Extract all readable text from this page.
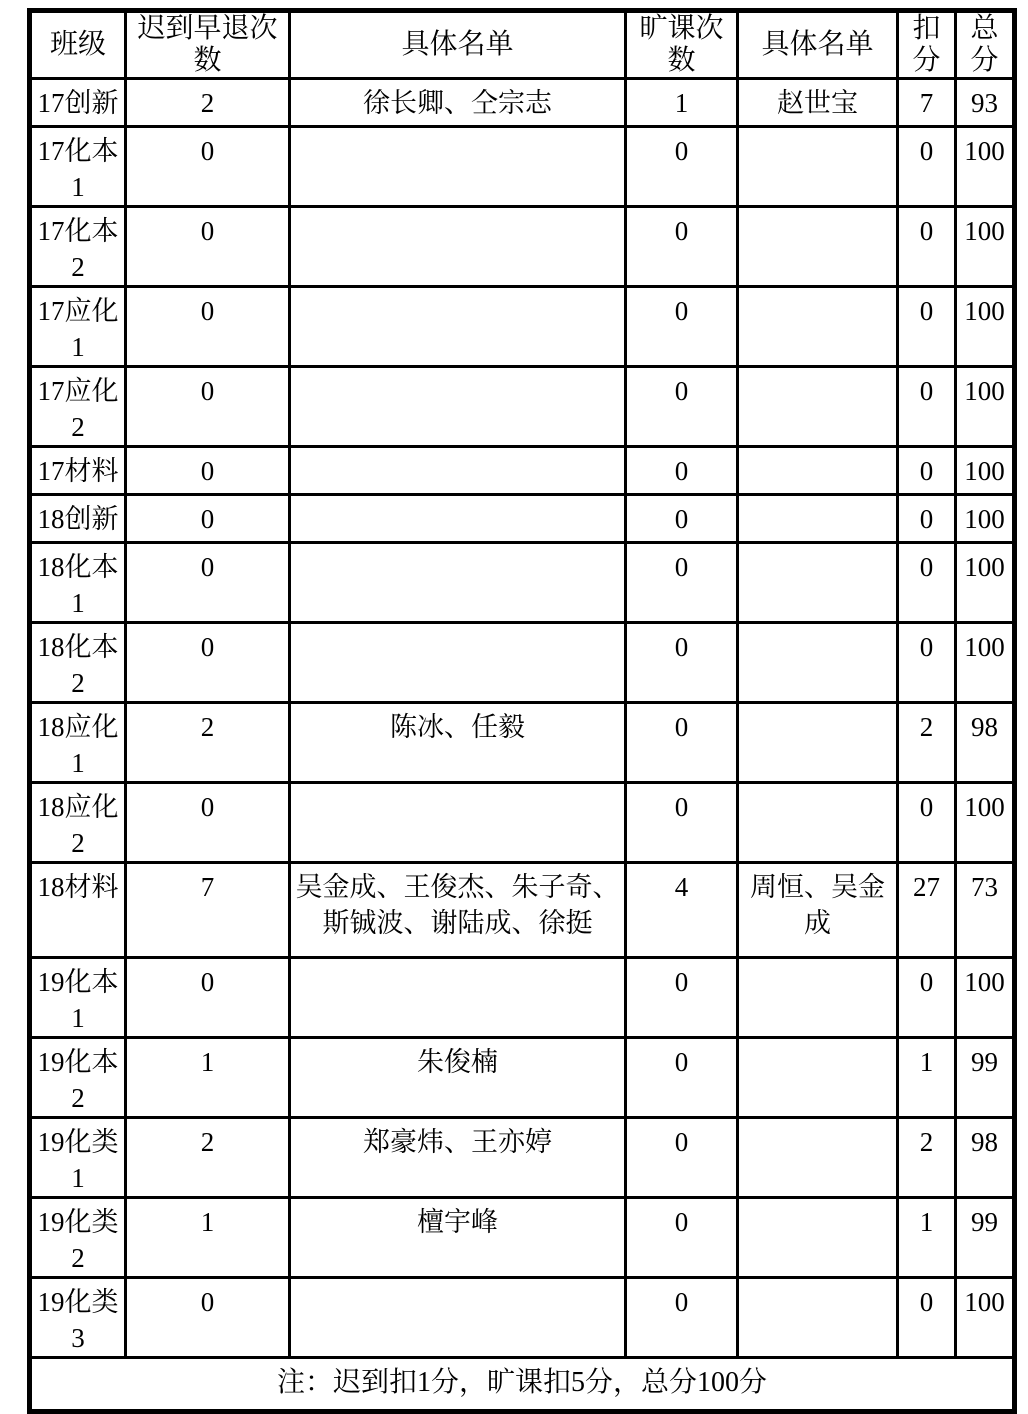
班级	迟到早退次数	具体名单	旷课次数	具体名单	扣分	总分
17创新	2	徐长卿、仝宗志	1	赵世宝	7	93
17化本1	0		0		0	100
17化本2	0		0		0	100
17应化1	0		0		0	100
17应化2	0		0		0	100
17材料	0		0		0	100
18创新	0		0		0	100
18化本1	0		0		0	100
18化本2	0		0		0	100
18应化1	2	陈冰、任毅	0		2	98
18应化2	0		0		0	100
18材料	7	吴金成、王俊杰、朱子奇、斯铖波、谢陆成、徐挺	4	周恒、吴金成	27	73
19化本1	0		0		0	100
19化本2	1	朱俊楠	0		1	99
19化类1	2	郑豪炜、王亦婷	0		2	98
19化类2	1	檀宇峰	0		1	99
19化类3	0		0		0	100
注：迟到扣1分，旷课扣5分，总分100分						
